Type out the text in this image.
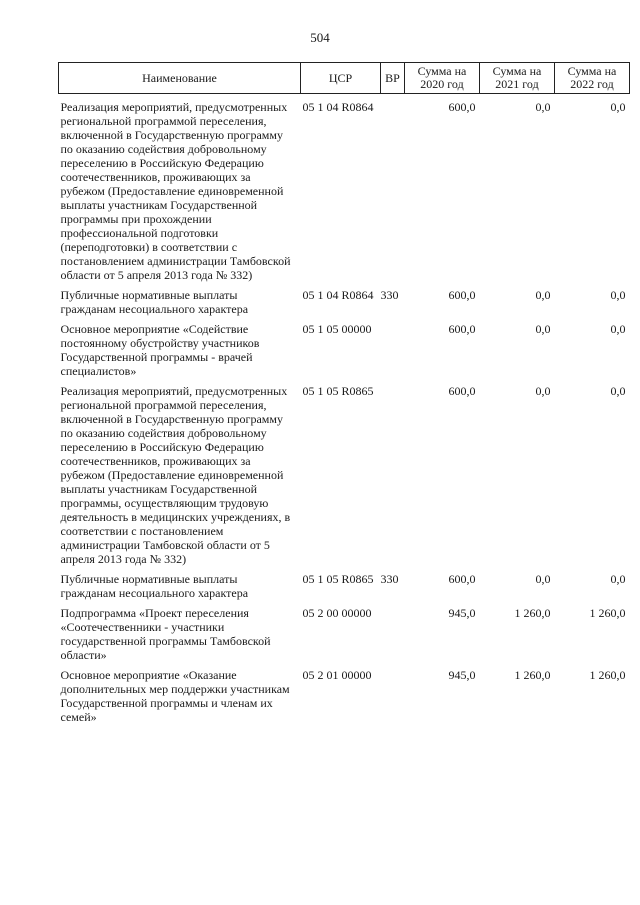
504
Наименование	ЦСР	ВР	Сумма на 2020 год	Сумма на 2021 год	Сумма на 2022 год

Реализация мероприятий, предусмотренных региональной программой переселения, включенной в Государственную программу по оказанию содействия добровольному переселению в Российскую Федерацию соотечественников, проживающих за рубежом (Предоставление единовременной выплаты участникам Государственной программы при прохождении профессиональной подготовки (переподготовки) в соответствии с постановлением администрации Тамбовской области от 5 апреля 2013 года № 332)	05 1 04 R0864		600,0	0,0	0,0

Публичные нормативные выплаты гражданам несоциального характера	05 1 04 R0864	330	600,0	0,0	0,0

Основное мероприятие «Содействие постоянному обустройству участников Государственной программы - врачей специалистов»	05 1 05 00000		600,0	0,0	0,0

Реализация мероприятий, предусмотренных региональной программой переселения, включенной в Государственную программу по оказанию содействия добровольному переселению в Российскую Федерацию соотечественников, проживающих за рубежом (Предоставление единовременной выплаты участникам Государственной программы, осуществляющим трудовую деятельность в медицинских учреждениях, в соответствии с постановлением администрации Тамбовской области от 5 апреля 2013 года № 332)	05 1 05 R0865		600,0	0,0	0,0

Публичные нормативные выплаты гражданам несоциального характера	05 1 05 R0865	330	600,0	0,0	0,0

Подпрограмма «Проект переселения «Соотечественники - участники государственной программы Тамбовской области»	05 2 00 00000		945,0	1 260,0	1 260,0

Основное мероприятие «Оказание дополнительных мер поддержки участникам Государственной программы и членам их семей»	05 2 01 00000		945,0	1 260,0	1 260,0
